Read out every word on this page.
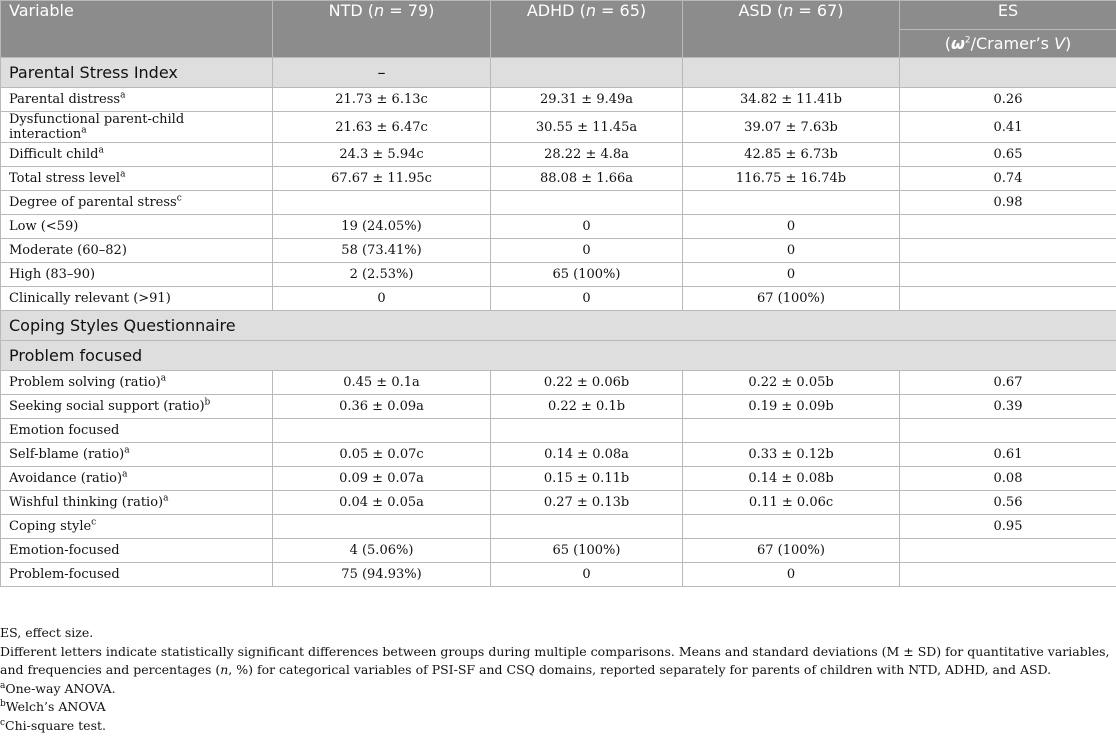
Variable	NTD (n = 79)	ADHD (n = 65)	ASD (n = 67)	ES
				($\omega^2/Cramer’s$ V)
Parental Stress Index	–			
Parental distress$^a$	21.73 ± 6.13c	29.31 ± 9.49a	34.82 ± 11.41b	0.26
Dysfunctional parent-child interaction$^a$	21.63 ± 6.47c	30.55 ± 11.45a	39.07 ± 7.63b	0.41
Difficult child$^a$	24.3 ± 5.94c	28.22 ± 4.8a	42.85 ± 6.73b	0.65
Total stress level$^a$	67.67 ± 11.95c	88.08 ± 1.66a	116.75 ± 16.74b	0.74
Degree of parental stress$^c$				0.98
Low (<59)	19 (24.05%)	0	0	
Moderate (60–82)	58 (73.41%)	0	0	
High (83–90)	2 (2.53%)	65 (100%)	0	
Clinically relevant (>91)	0	0	67 (100%)	
Coping Styles Questionnaire				
Problem focused				
Problem solving (ratio)$^a$	0.45 ± 0.1a	0.22 ± 0.06b	0.22 ± 0.05b	0.67
Seeking social support (ratio)$^b$	0.36 ± 0.09a	0.22 ± 0.1b	0.19 ± 0.09b	0.39
Emotion focused				
Self-blame (ratio)$^a$	0.05 ± 0.07c	0.14 ± 0.08a	0.33 ± 0.12b	0.61
Avoidance (ratio)$^a$	0.09 ± 0.07a	0.15 ± 0.11b	0.14 ± 0.08b	0.08
Wishful thinking (ratio)$^a$	0.04 ± 0.05a	0.27 ± 0.13b	0.11 ± 0.06c	0.56
Coping style$^c$				0.95
Emotion-focused	4 (5.06%)	65 (100%)	67 (100%)	
Problem-focused	75 (94.93%)	0	0	

ES, effect size.

Different letters indicate statistically significant differences between groups during multiple comparisons. Means and standard deviations (M ± SD) for quantitative variables, and frequencies and percentages (n, %) for categorical variables of PSI-SF and CSQ domains, reported separately for parents of children with NTD, ADHD, and ASD.

$^a$One-way ANOVA.

$^b$Welch’s ANOVA

$^c$Chi-square test.
